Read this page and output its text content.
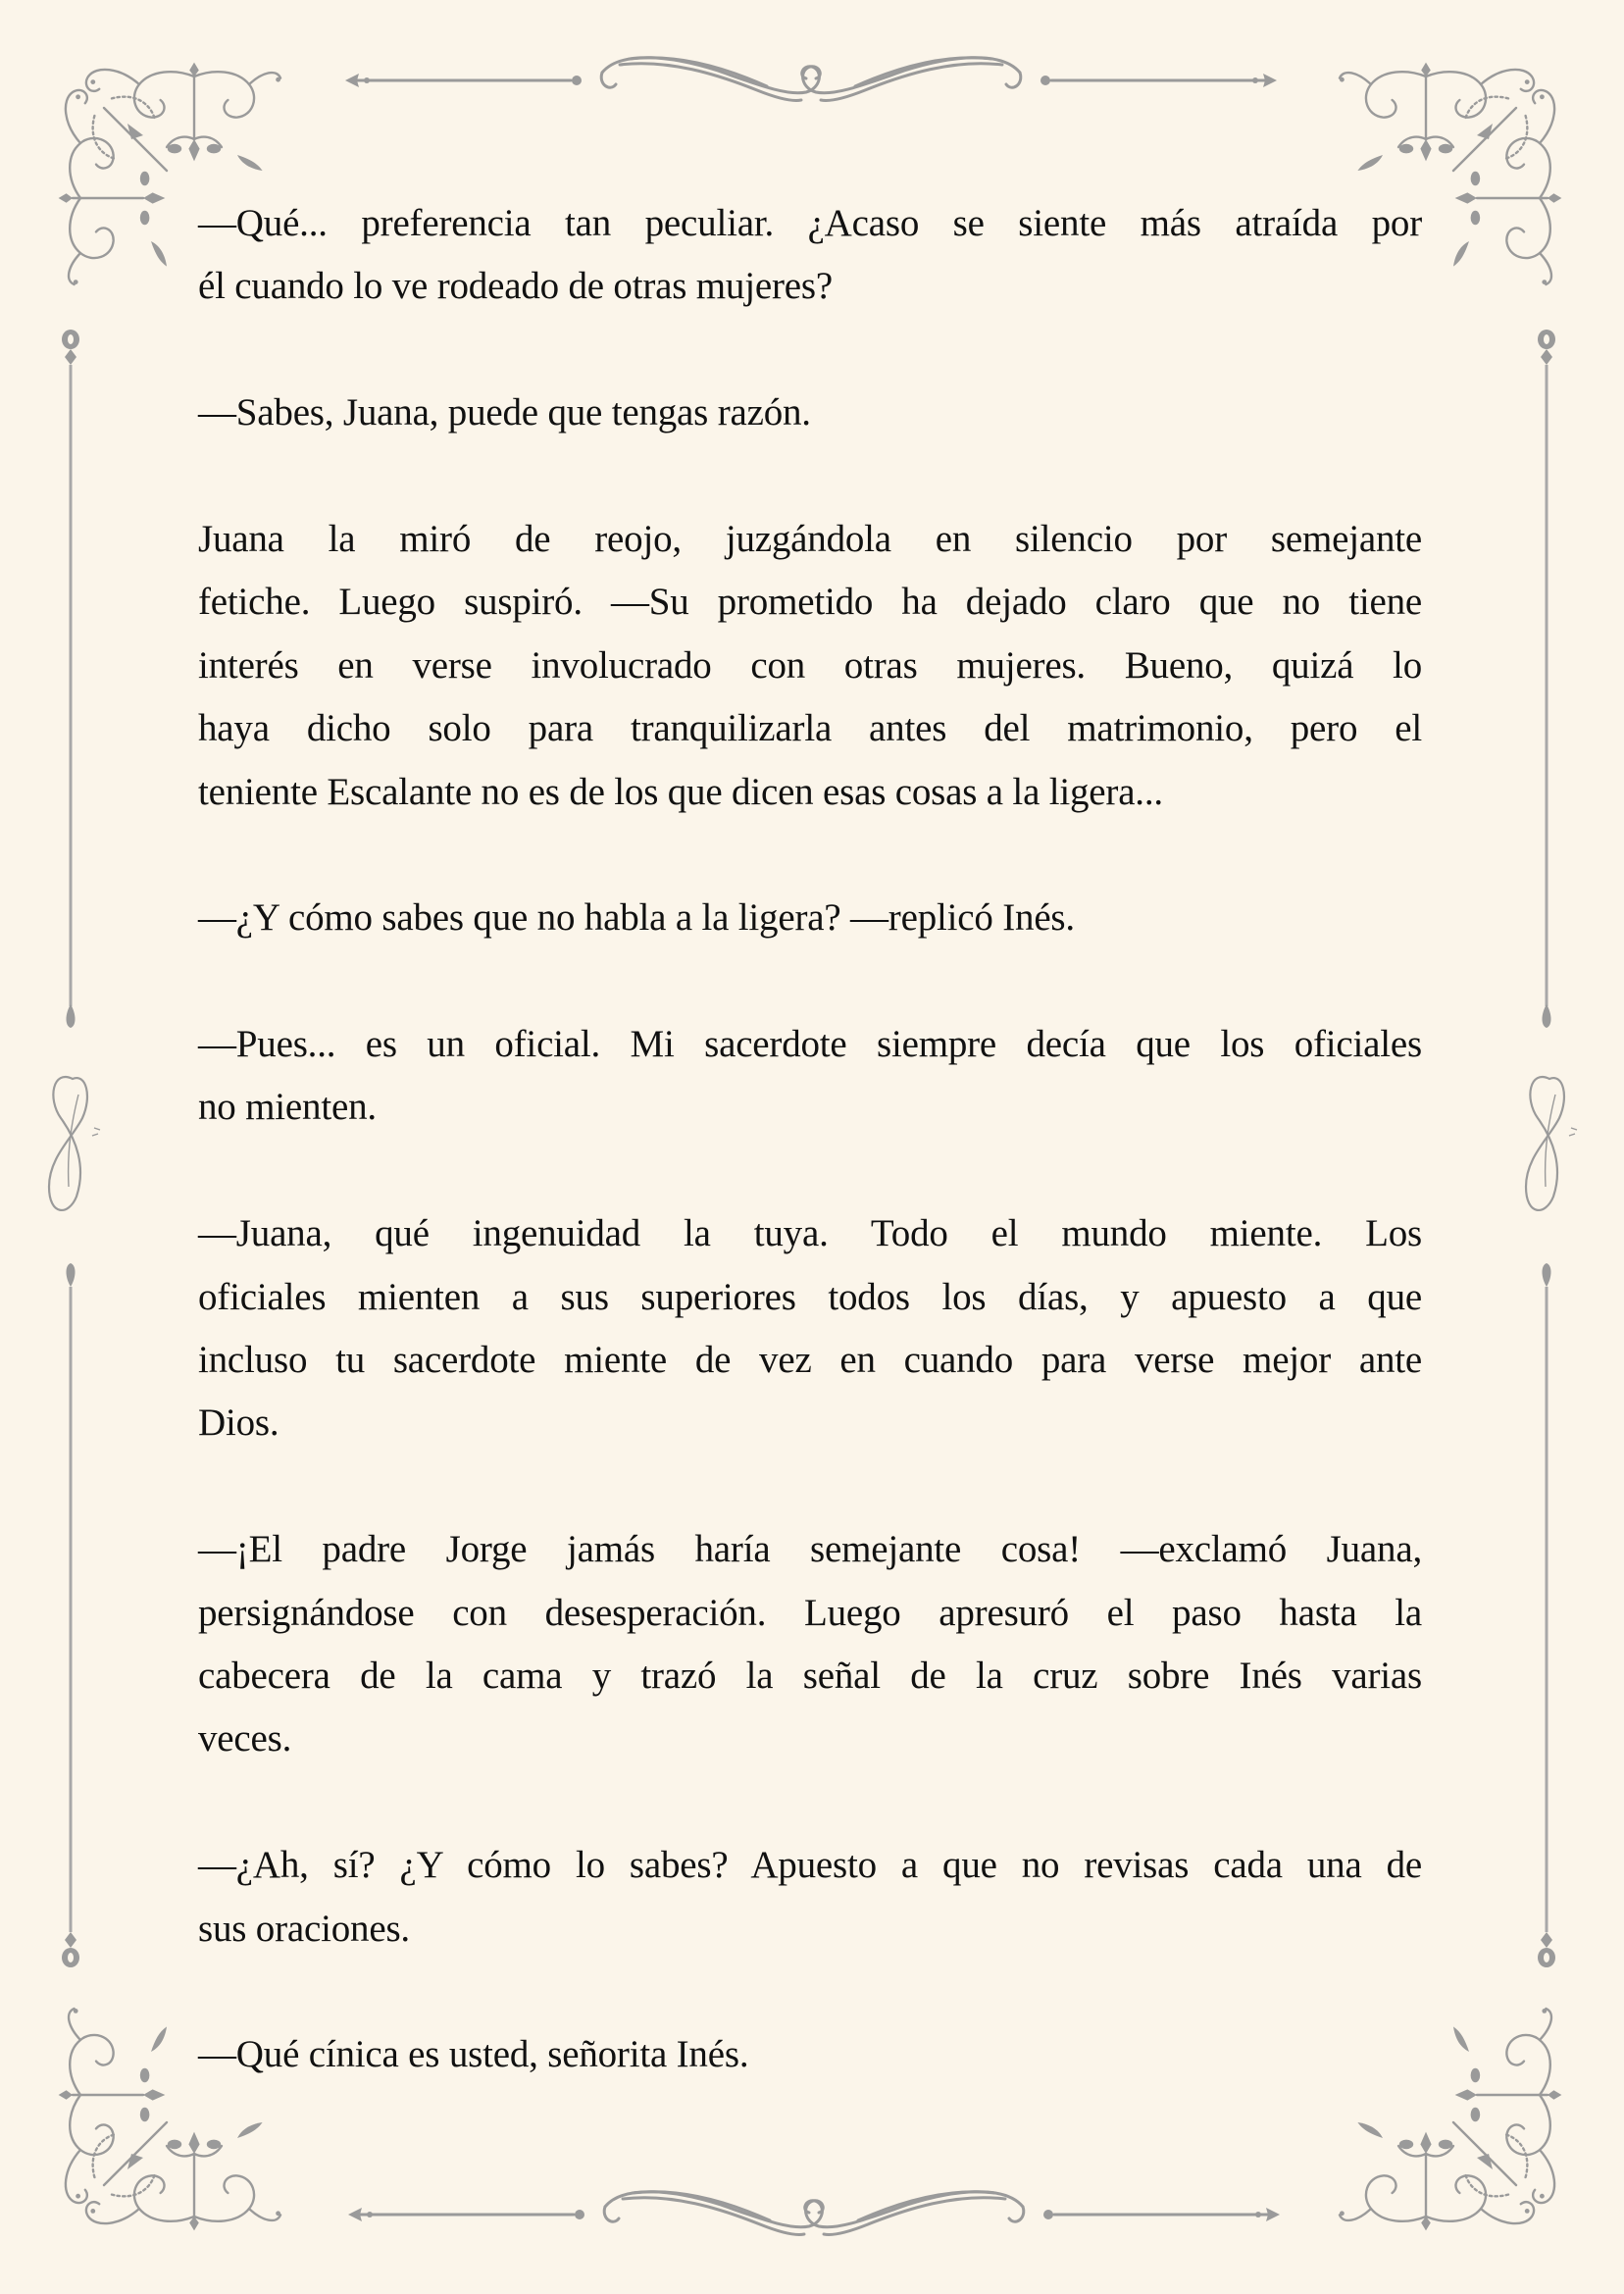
—Qué... preferencia tan peculiar. ¿Acaso se siente más atraída por
él cuando lo ve rodeado de otras mujeres?
—Sabes, Juana, puede que tengas razón.
Juana la miró de reojo, juzgándola en silencio por semejante
fetiche. Luego suspiró. —Su prometido ha dejado claro que no tiene
interés en verse involucrado con otras mujeres. Bueno, quizá lo
haya dicho solo para tranquilizarla antes del matrimonio, pero el
teniente Escalante no es de los que dicen esas cosas a la ligera...
—¿Y cómo sabes que no habla a la ligera? —replicó Inés.
—Pues... es un oficial. Mi sacerdote siempre decía que los oficiales
no mienten.
—Juana, qué ingenuidad la tuya. Todo el mundo miente. Los
oficiales mienten a sus superiores todos los días, y apuesto a que
incluso tu sacerdote miente de vez en cuando para verse mejor ante
Dios.
—¡El padre Jorge jamás haría semejante cosa! —exclamó Juana,
persignándose con desesperación. Luego apresuró el paso hasta la
cabecera de la cama y trazó la señal de la cruz sobre Inés varias
veces.
—¿Ah, sí? ¿Y cómo lo sabes? Apuesto a que no revisas cada una de
sus oraciones.
—Qué cínica es usted, señorita Inés.
